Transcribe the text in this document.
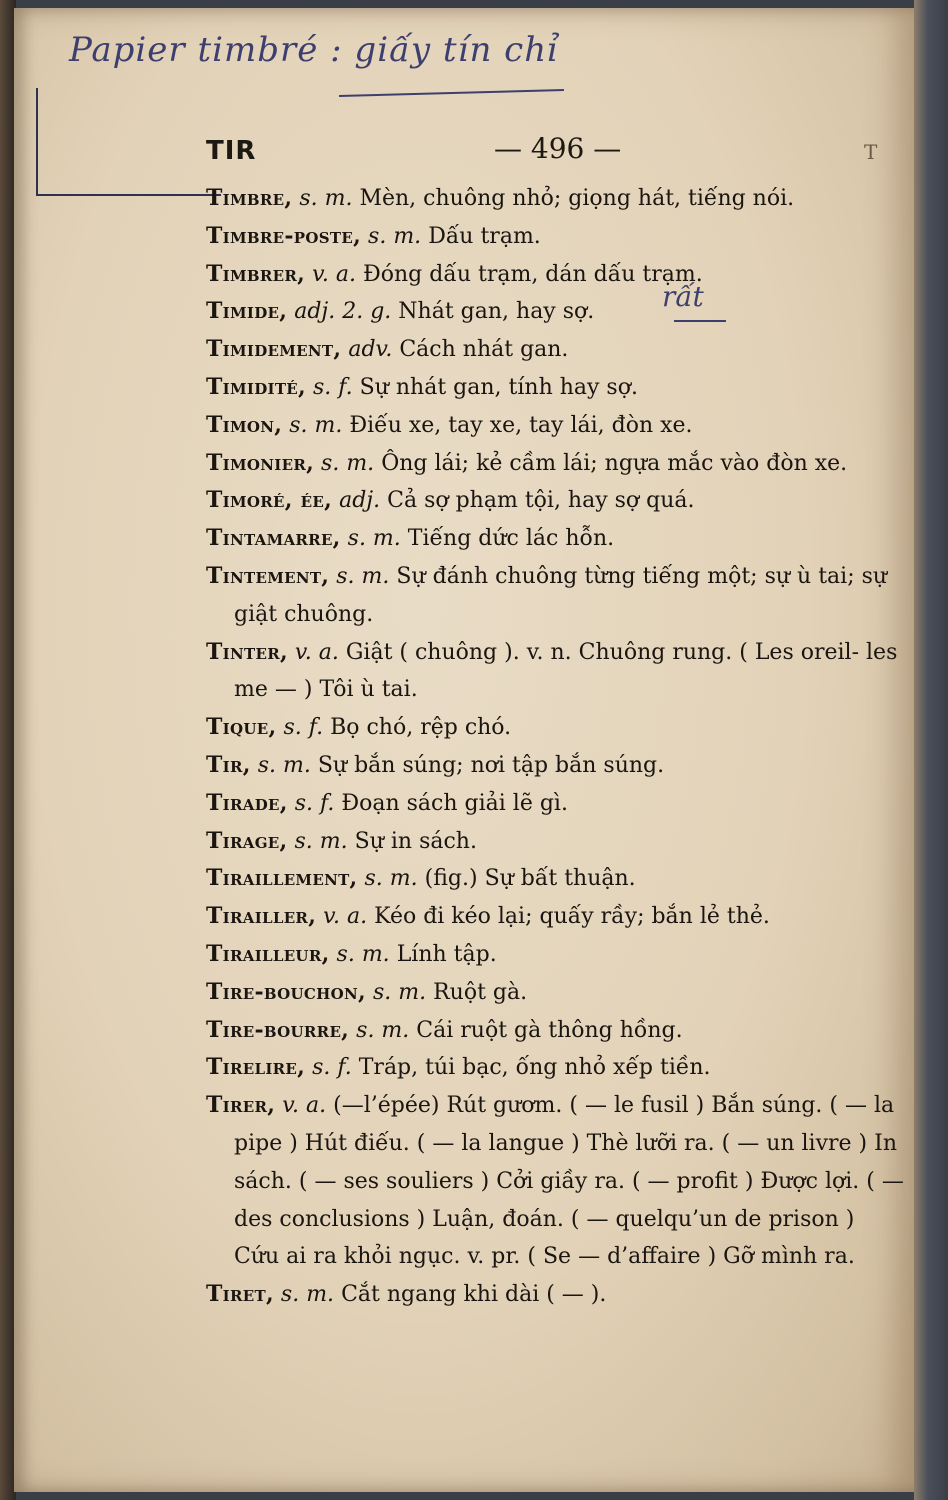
Papier timbré : giấy tín chỉ
TIR	— 496 —	T
rất
Timbre, s. m. Mèn, chuông nhỏ; giọng hát, tiếng nói.
Timbre-poste, s. m. Dấu trạm.
Timbrer, v. a. Đóng dấu trạm, dán dấu trạm.
Timide, adj. 2. g. Nhát gan, hay sợ.
Timidement, adv. Cách nhát gan.
Timidité, s. f. Sự nhát gan, tính hay sợ.
Timon, s. m. Điếu xe, tay xe, tay lái, đòn xe.
Timonier, s. m. Ông lái; kẻ cầm lái; ngựa mắc vào đòn xe.
Timoré, ée, adj. Cả sợ phạm tội, hay sợ quá.
Tintamarre, s. m. Tiếng dức lác hỗn.
Tintement, s. m. Sự đánh chuông từng tiếng một; sự ù tai; sự giật chuông.
Tinter, v. a. Giật ( chuông ). v. n. Chuông rung. ( Les oreil- les me — ) Tôi ù tai.
Tique, s. f. Bọ chó, rệp chó.
Tir, s. m. Sự bắn súng; nơi tập bắn súng.
Tirade, s. f. Đoạn sách giải lẽ gì.
Tirage, s. m. Sự in sách.
Tiraillement, s. m. (fig.) Sự bất thuận.
Tirailler, v. a. Kéo đi kéo lại; quấy rầy; bắn lẻ thẻ.
Tirailleur, s. m. Lính tập.
Tire-bouchon, s. m. Ruột gà.
Tire-bourre, s. m. Cái ruột gà thông hồng.
Tirelire, s. f. Tráp, túi bạc, ống nhỏ xếp tiền.
Tirer, v. a. (—l’épée) Rút gươm. ( — le fusil ) Bắn súng. ( — la pipe ) Hút điếu. ( — la langue ) Thè lưỡi ra. ( — un livre ) In sách. ( — ses souliers ) Cởi giầy ra. ( — profit ) Được lợi. ( — des conclusions ) Luận, đoán. ( — quelqu’un de prison ) Cứu ai ra khỏi ngục. v. pr. ( Se — d’affaire ) Gỡ mình ra.
Tiret, s. m. Cắt ngang khi dài ( — ).
